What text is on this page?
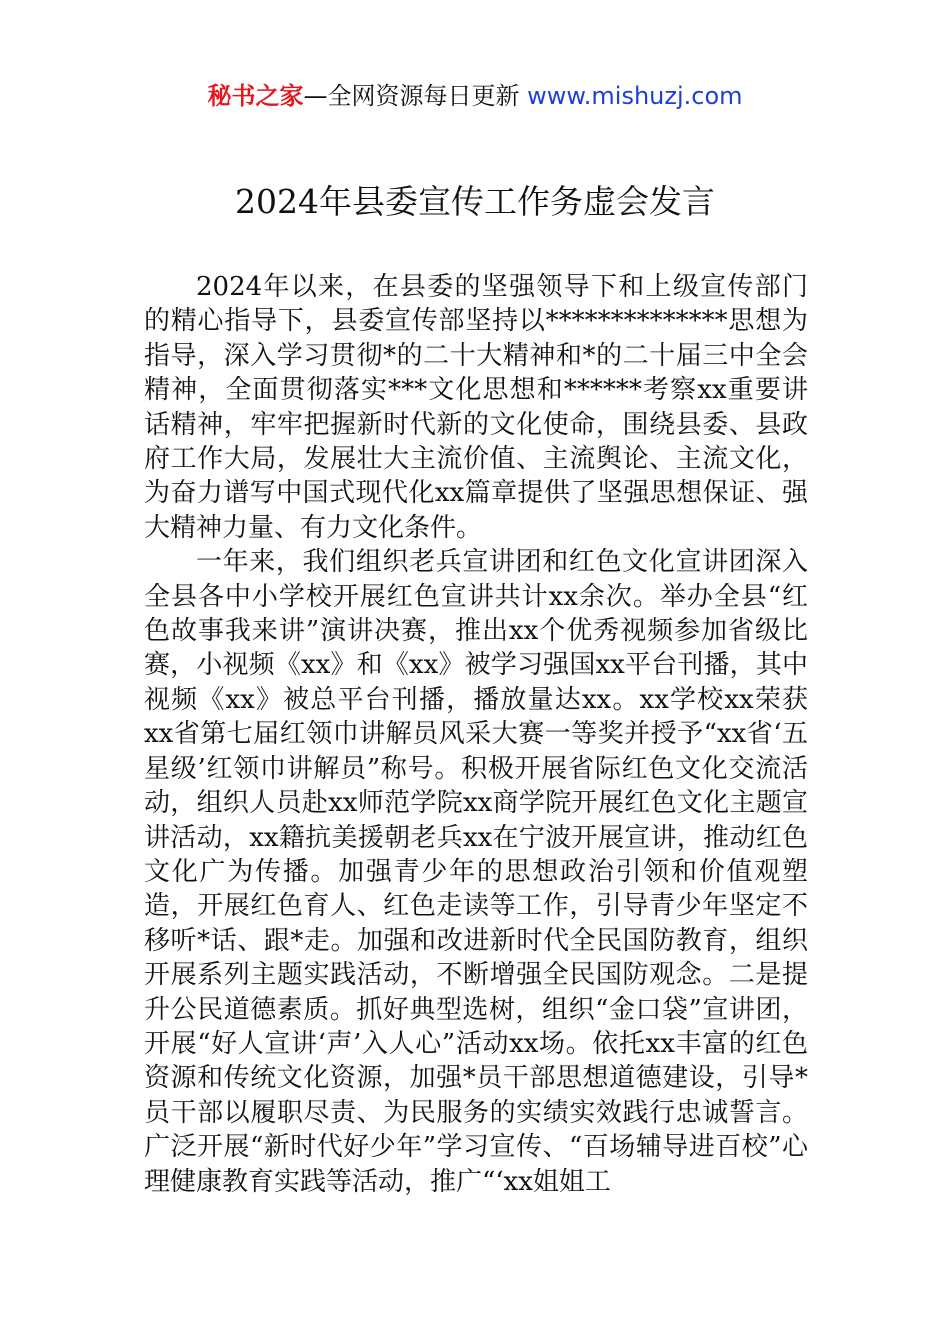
秘书之家—全网资源每日更新 www.mishuzj.com
2024年县委宣传工作务虚会发言

2024年以来，在县委的坚强领导下和上级宣传部门的精心指导下，县委宣传部坚持以**************思想为指导，深入学习贯彻*的二十大精神和*的二十届三中全会精神，全面贯彻落实***文化思想和******考察xx重要讲话精神，牢牢把握新时代新的文化使命，围绕县委、县政府工作大局，发展壮大主流价值、主流舆论、主流文化，为奋力谱写中国式现代化xx篇章提供了坚强思想保证、强大精神力量、有力文化条件。

一年来，我们组织老兵宣讲团和红色文化宣讲团深入全县各中小学校开展红色宣讲共计xx余次。举办全县“红色故事我来讲”演讲决赛，推出xx个优秀视频参加省级比赛，小视频《xx》和《xx》被学习强国xx平台刊播，其中视频《xx》被总平台刊播，播放量达xx。xx学校xx荣获xx省第七届红领巾讲解员风采大赛一等奖并授予“xx省‘五星级’红领巾讲解员”称号。积极开展省际红色文化交流活动，组织人员赴xx师范学院xx商学院开展红色文化主题宣讲活动，xx籍抗美援朝老兵xx在宁波开展宣讲，推动红色文化广为传播。加强青少年的思想政治引领和价值观塑造，开展红色育人、红色走读等工作，引导青少年坚定不移听*话、跟*走。加强和改进新时代全民国防教育，组织开展系列主题实践活动，不断增强全民国防观念。二是提升公民道德素质。抓好典型选树，组织“金口袋”宣讲团，开展“好人宣讲‘声’入人心”活动xx场。依托xx丰富的红色资源和传统文化资源，加强*员干部思想道德建设，引导*员干部以履职尽责、为民服务的实绩实效践行忠诚誓言。广泛开展“新时代好少年”学习宣传、“百场辅导进百校”心理健康教育实践等活动，推广“‘xx姐姐工
